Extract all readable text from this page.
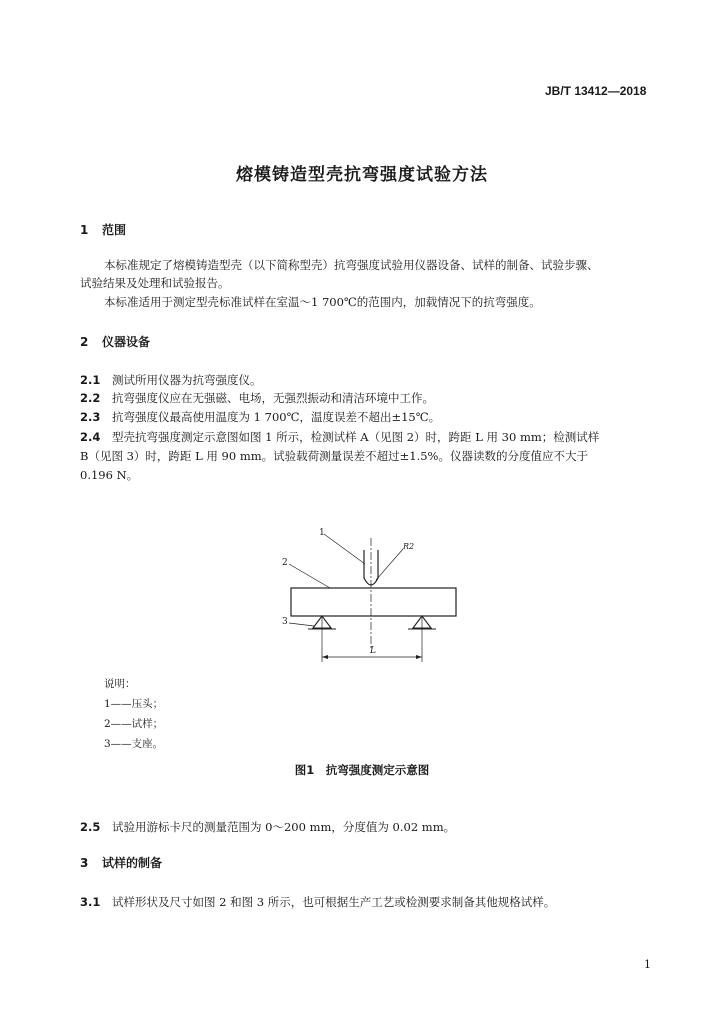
JB/T 13412—2018
熔模铸造型壳抗弯强度试验方法
1 范围
本标准规定了熔模铸造型壳（以下简称型壳）抗弯强度试验用仪器设备、试样的制备、试验步骤、
试验结果及处理和试验报告。
本标准适用于测定型壳标准试样在室温～1 700℃的范围内，加载情况下的抗弯强度。
2 仪器设备
2.1	测试所用仪器为抗弯强度仪。
2.2	抗弯强度仪应在无强磁、电场，无强烈振动和清洁环境中工作。
2.3	抗弯强度仪最高使用温度为 1 700℃，温度误差不超出±15℃。
2.4	型壳抗弯强度测定示意图如图 1 所示，检测试样 A（见图 2）时，跨距 L 用 30 mm；检测试样
B（见图 3）时，跨距 L 用 90 mm。试验载荷测量误差不超过±1.5%。仪器读数的分度值应不大于
0.196 N。
1
2
3
R2
L
说明：
1——压头；
2——试样；
3——支座。
图1　抗弯强度测定示意图
2.5	试验用游标卡尺的测量范围为 0～200 mm，分度值为 0.02 mm。
3 试样的制备
3.1	试样形状及尺寸如图 2 和图 3 所示，也可根据生产工艺或检测要求制备其他规格试样。
1
